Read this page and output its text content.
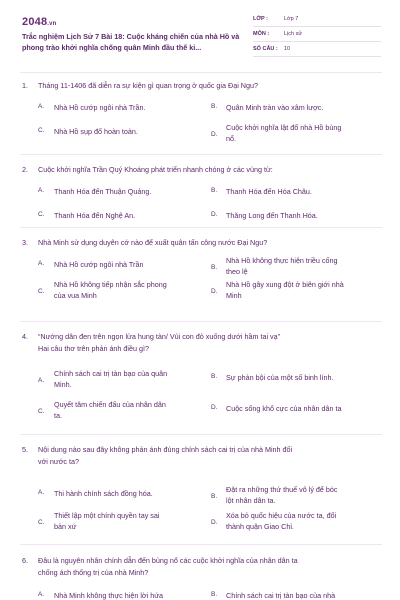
2048.vn
Trắc nghiệm Lịch Sử 7 Bài 18: Cuộc kháng chiến của nhà Hồ và phong trào khởi nghĩa chống quân Minh đầu thế kỉ...
LỚP :	Lớp 7
MÔN :	Lịch sử
SỐ CÂU : 10
1. Tháng 11-1406 đã diễn ra sự kiện gì quan trọng ở quốc gia Đại Ngu?
A. Nhà Hồ cướp ngôi nhà Trần.	B. Quân Minh tràn vào xâm lược.
C. Nhà Hồ sụp đổ hoàn toàn.	D.
Cuộc khởi nghĩa lật đổ nhà Hồ bùng
nổ.
2. Cuộc khởi nghĩa Trần Quý Khoáng phát triển nhanh chóng ở các vùng từ:
A. Thanh Hóa đến Thuận Quảng.	B. Thanh Hóa đến Hóa Châu.
C. Thanh Hóa đến Nghệ An.	D. Thăng Long đến Thanh Hóa.
3. Nhà Minh sử dụng duyên cớ nào để xuất quân tấn công nước Đại Ngu?
A. Nhà Hồ cướp ngôi nhà Trần	B.
Nhà Hồ không thực hiện triều cống
theo lệ
C.
Nhà Hồ không tiếp nhận sắc phong
của vua Minh	D.
Nhà Hồ gây xung đột ở biên giới nhà
Minh
4. “Nướng dân đen trên ngọn lửa hung tàn/ Vùi con đỏ xuống dưới hầm tai vạ”
Hai câu thơ trên phản ánh điều gì?
A.
Chính sách cai trị tàn bạo của quân
Minh.
B. Sự phản bội của một số binh lính.
C.
Quyết tâm chiến đấu của nhân dân
ta.
D. Cuộc sống khổ cực của nhân dân ta
5. Nội dung nào sau đây không phản ánh đúng chính sách cai trị của nhà Minh đối
với nước ta?
A. Thi hành chính sách đồng hóa.	B.
Đặt ra những thứ thuế vô lý để bóc
lột nhân dân ta.
C.
Thiết lập một chính quyền tay sai
bản xứ	D.
Xóa bỏ quốc hiệu của nước ta, đổi
thành quận Giao Chỉ.
6. Đâu là nguyên nhân chính dẫn đến bùng nổ các cuộc khởi nghĩa của nhân dân ta
chống ách thống trị của nhà Minh?
A. Nhà Minh không thực hiện lời hứa	B. Chính sách cai trị tàn bạo của nhà
